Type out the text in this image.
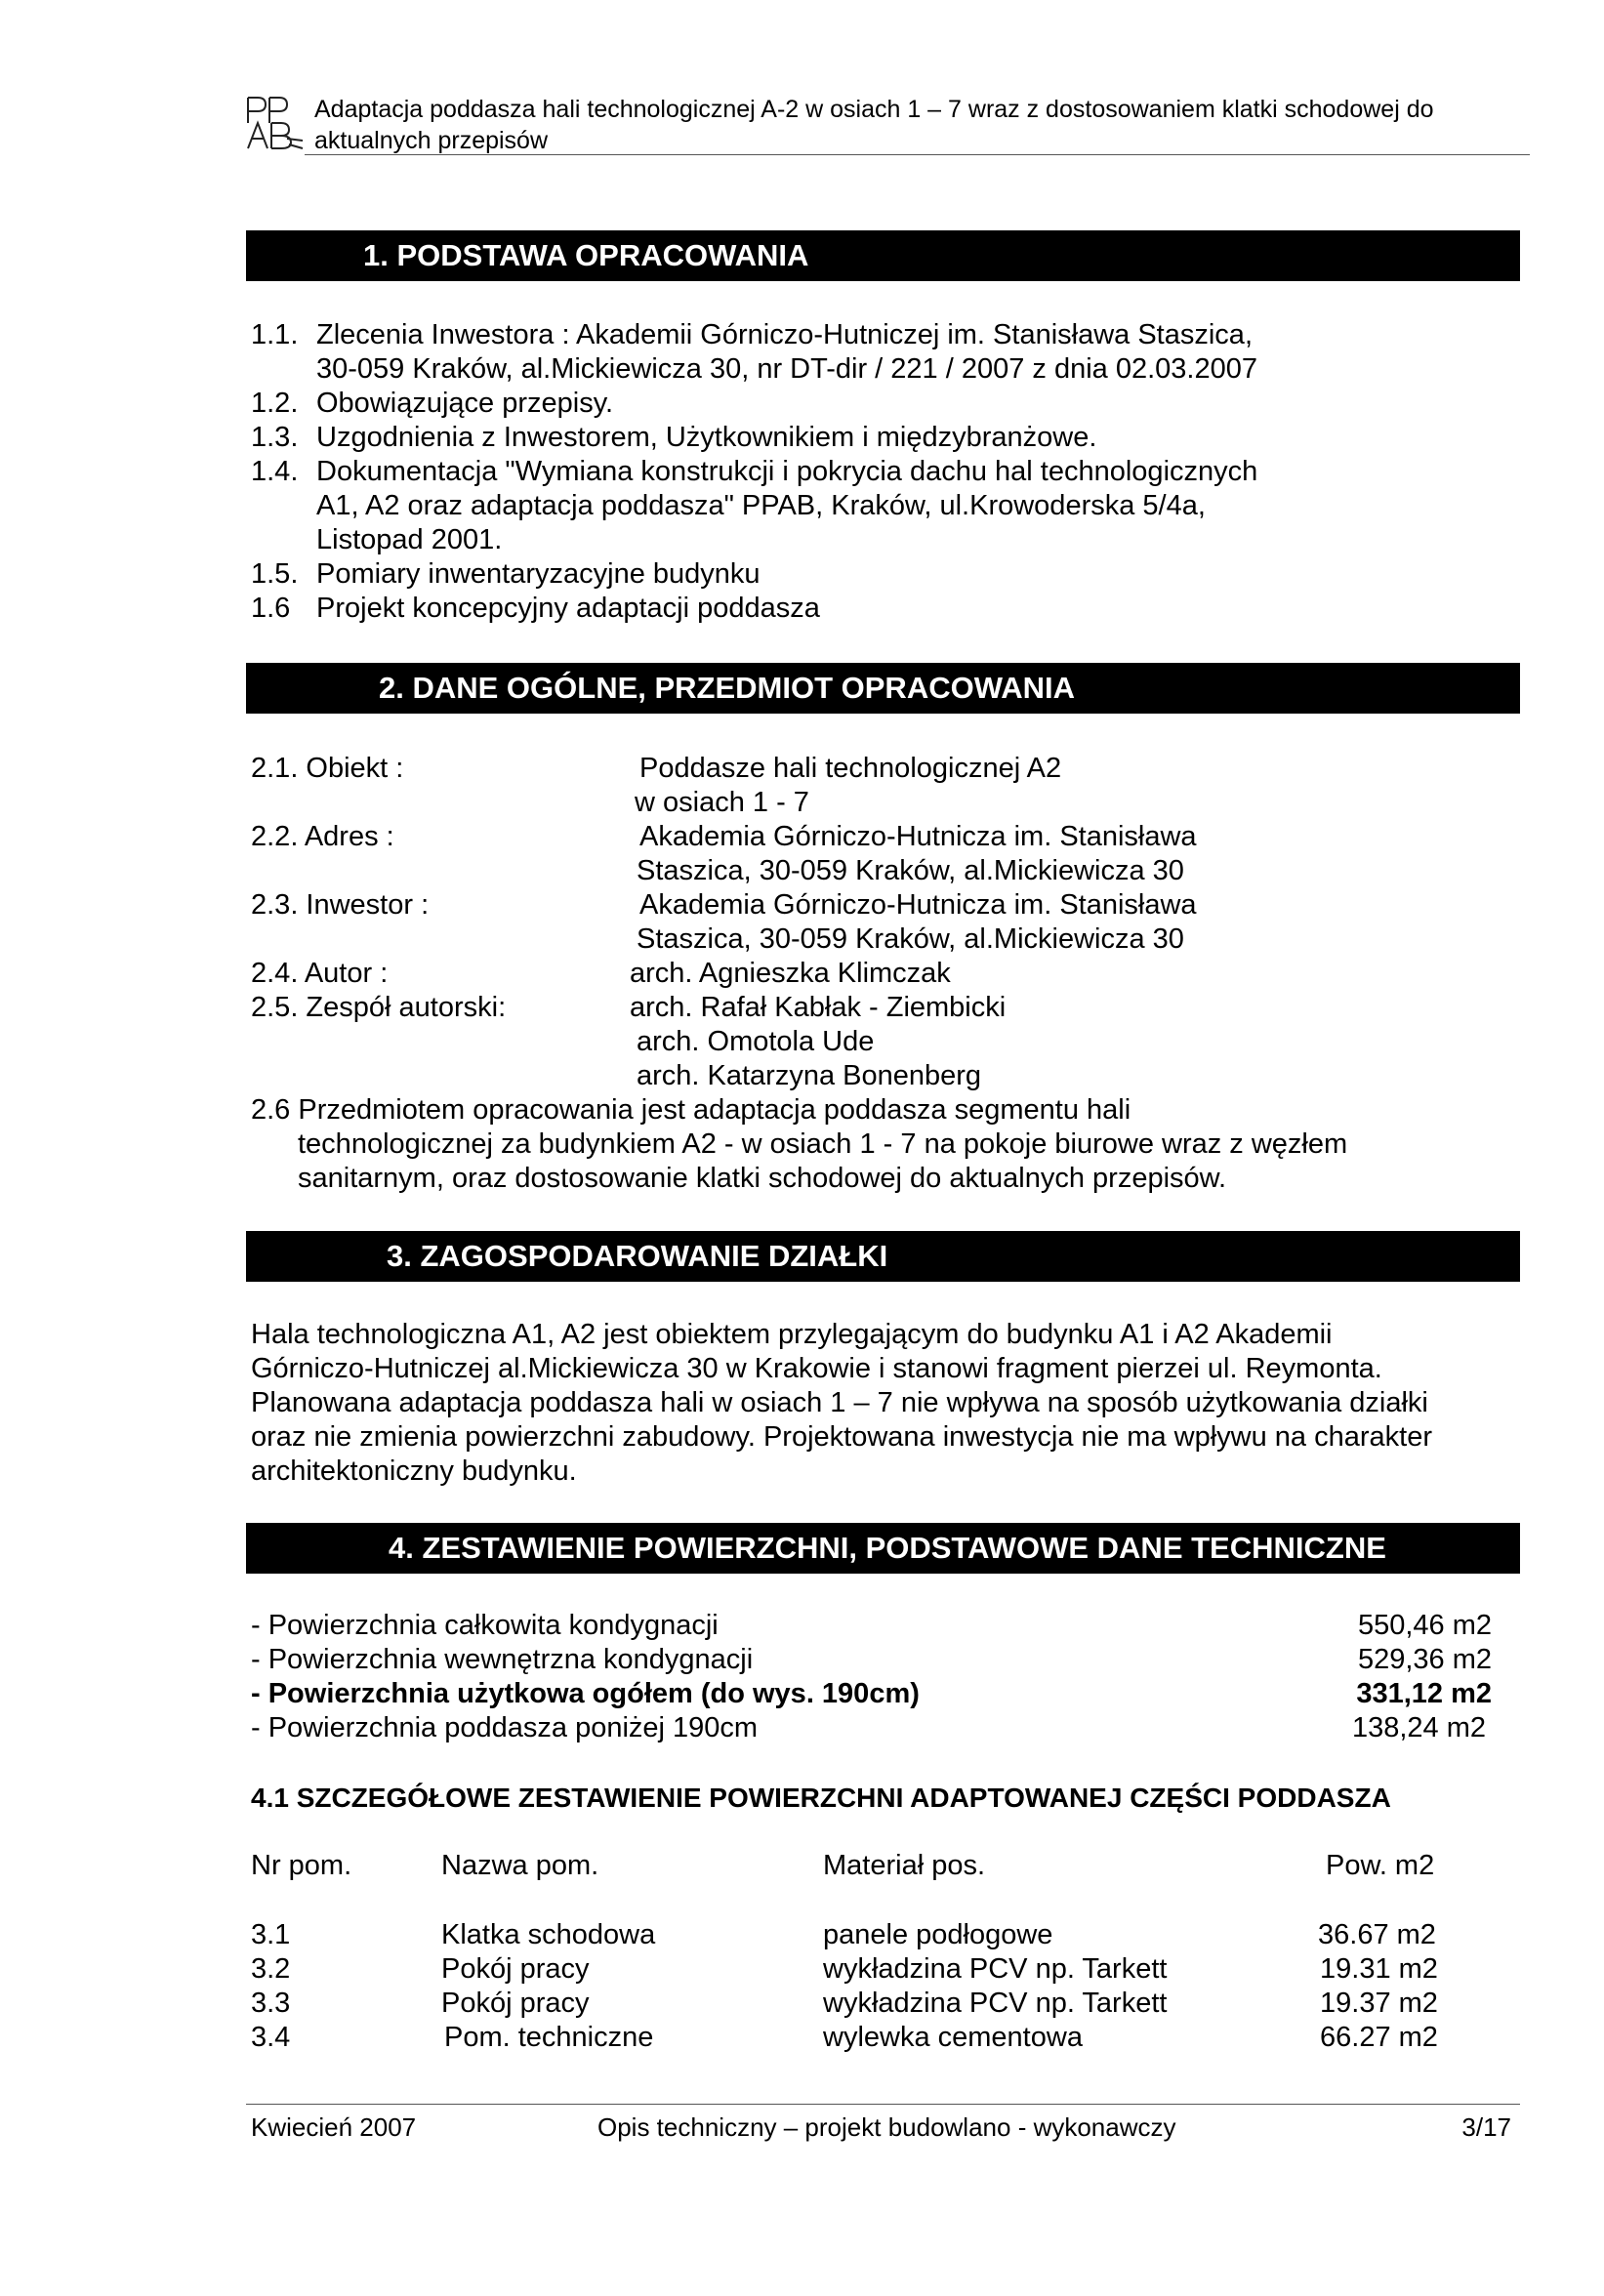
Adaptacja poddasza hali technologicznej A-2 w osiach 1 – 7 wraz z dostosowaniem klatki schodowej do
aktualnych przepisów
1. PODSTAWA OPRACOWANIA
1.1. Zlecenia Inwestora : Akademii Górniczo-Hutniczej im. Stanisława Staszica,
30-059 Kraków, al.Mickiewicza 30, nr DT-dir / 221 / 2007 z dnia 02.03.2007
1.2. Obowiązujące przepisy.
1.3. Uzgodnienia z Inwestorem, Użytkownikiem i międzybranżowe.
1.4. Dokumentacja "Wymiana konstrukcji i pokrycia dachu hal technologicznych
A1, A2 oraz adaptacja poddasza" PPAB, Kraków, ul.Krowoderska 5/4a,
Listopad 2001.
1.5. Pomiary inwentaryzacyjne budynku
1.6 Projekt koncepcyjny adaptacji poddasza
2. DANE OGÓLNE, PRZEDMIOT OPRACOWANIA
2.1. Obiekt :	Poddasze hali technologicznej A2
w osiach 1 - 7
2.2. Adres :	Akademia Górniczo-Hutnicza im. Stanisława
Staszica, 30-059 Kraków, al.Mickiewicza 30
2.3. Inwestor :	Akademia Górniczo-Hutnicza im. Stanisława
Staszica, 30-059 Kraków, al.Mickiewicza 30
2.4. Autor :	arch. Agnieszka Klimczak
2.5. Zespół autorski:	arch. Rafał Kabłak - Ziembicki
arch. Omotola Ude
arch. Katarzyna Bonenberg
2.6 Przedmiotem opracowania jest adaptacja poddasza segmentu hali
technologicznej za budynkiem A2 - w osiach 1 - 7 na pokoje biurowe wraz z węzłem
sanitarnym, oraz dostosowanie klatki schodowej do aktualnych przepisów.
3. ZAGOSPODAROWANIE DZIAŁKI
Hala technologiczna A1, A2 jest obiektem przylegającym do budynku A1 i A2 Akademii
Górniczo-Hutniczej al.Mickiewicza 30 w Krakowie i stanowi fragment pierzei ul. Reymonta.
Planowana adaptacja poddasza hali w osiach 1 – 7 nie wpływa na sposób użytkowania działki
oraz nie zmienia powierzchni zabudowy. Projektowana inwestycja nie ma wpływu na charakter
architektoniczny budynku.
4. ZESTAWIENIE POWIERZCHNI, PODSTAWOWE DANE TECHNICZNE
- Powierzchnia całkowita kondygnacji	550,46 m2
- Powierzchnia wewnętrzna kondygnacji	529,36 m2
- Powierzchnia użytkowa ogółem (do wys. 190cm)	331,12 m2
- Powierzchnia poddasza poniżej 190cm	138,24 m2
4.1 SZCZEGÓŁOWE ZESTAWIENIE POWIERZCHNI ADAPTOWANEJ CZĘŚCI PODDASZA
Nr pom.	Nazwa pom.	Materiał pos.	Pow. m2
3.1	Klatka schodowa	panele podłogowe	36.67 m2
3.2	Pokój pracy	wykładzina PCV np. Tarkett	19.31 m2
3.3	Pokój pracy	wykładzina PCV np. Tarkett	19.37 m2
3.4	Pom. techniczne	wylewka cementowa	66.27 m2
Kwiecień 2007	Opis techniczny – projekt budowlano - wykonawczy	3/17
